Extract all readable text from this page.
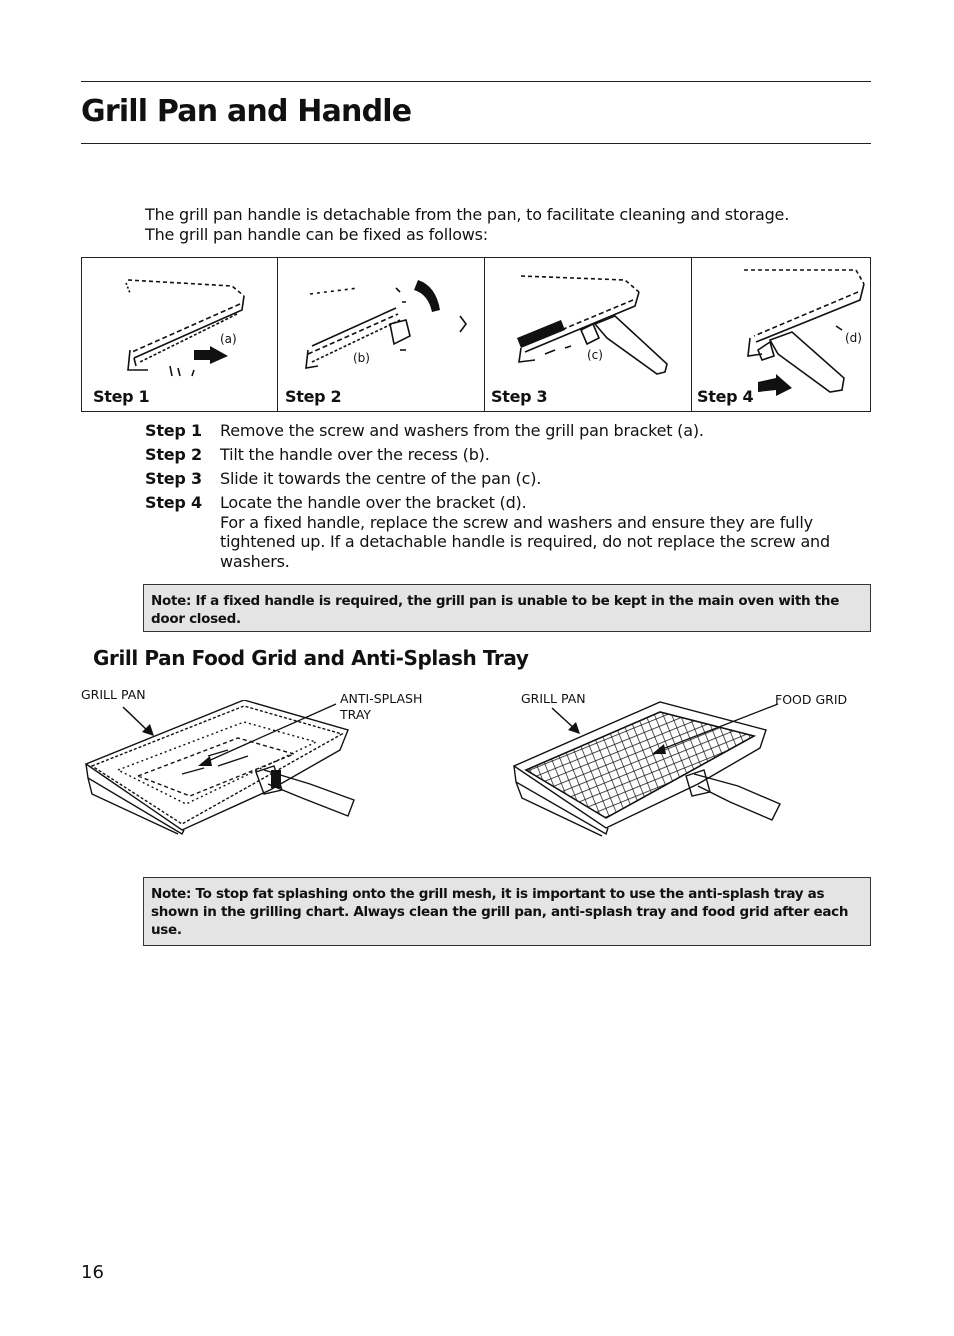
Grill Pan and Handle
The grill pan handle is detachable from the pan, to facilitate cleaning and storage.
The grill pan handle can be fixed as follows:
(a)
Step 1
(b)
Step 2
(c)
Step 3
(d)
Step 4
Step 1	Remove the screw and washers from the grill pan bracket (a).
Step 2	Tilt the handle over the recess (b).
Step 3	Slide it towards the centre of the pan (c).
Step 4	Locate the handle over the bracket (d).
For a fixed handle, replace the screw and washers and ensure they are fully tightened up. If a detachable handle is required, do not replace the screw and washers.
Note: If a fixed handle is required, the grill pan is unable to be kept in the main oven with the door closed.
Grill Pan Food Grid and Anti-Splash Tray
GRILL PAN	ANTI-SPLASH
TRAY
GRILL PAN	FOOD GRID
Note: To stop fat splashing onto the grill mesh, it is important to use the anti-splash tray as shown in the grilling chart. Always clean the grill pan, anti-splash tray and food grid after each use.
16
